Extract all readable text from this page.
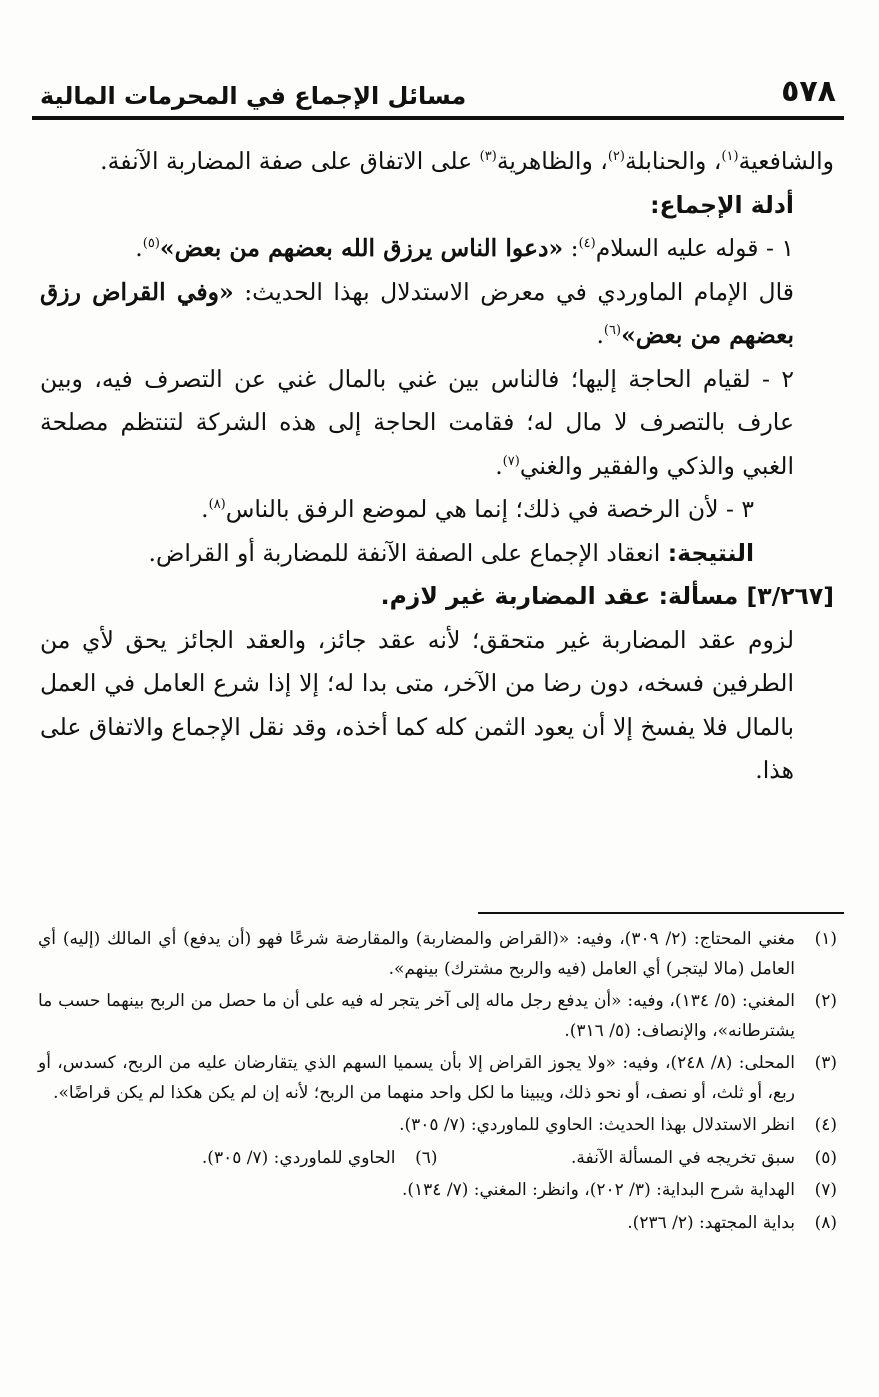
٥٧٨
مسائل الإجماع في المحرمات المالية

والشافعية$^{(١)}$، والحنابلة$^{(٢)}$، والظاهرية$^{(٣)}$ على الاتفاق على صفة المضاربة الآنفة.

أدلة الإجماع:

١ - قوله عليه السلام$^{(٤)}$: «دعوا الناس يرزق الله بعضهم من بعض»$^{(٥)}$.

قال الإمام الماوردي في معرض الاستدلال بهذا الحديث: «وفي القراض رزق بعضهم من بعض»$^{(٦)}$.

٢ - لقيام الحاجة إليها؛ فالناس بين غني بالمال غني عن التصرف فيه، وبين عارف بالتصرف لا مال له؛ فقامت الحاجة إلى هذه الشركة لتنتظم مصلحة الغبي والذكي والفقير والغني$^{(٧)}$.

٣ - لأن الرخصة في ذلك؛ إنما هي لموضع الرفق بالناس$^{(٨)}$.

النتيجة: انعقاد الإجماع على الصفة الآنفة للمضاربة أو القراض.

[٣/٢٦٧] مسألة: عقد المضاربة غير لازم.

لزوم عقد المضاربة غير متحقق؛ لأنه عقد جائز، والعقد الجائز يحق لأي من الطرفين فسخه، دون رضا من الآخر، متى بدا له؛ إلا إذا شرع العامل في العمل بالمال فلا يفسخ إلا أن يعود الثمن كله كما أخذه، وقد نقل الإجماع والاتفاق على هذا.

(١)
مغني المحتاج: (٢/ ٣٠٩)، وفيه: «(القراض والمضاربة) والمقارضة شرعًا فهو (أن يدفع) أي المالك (إليه) أي العامل (مالا ليتجر) أي العامل (فيه والربح مشترك) بينهم».
(٢)
المغني: (٥/ ١٣٤)، وفيه: «أن يدفع رجل ماله إلى آخر يتجر له فيه على أن ما حصل من الربح بينهما حسب ما يشترطانه»، والإنصاف: (٥/ ٣١٦).
(٣)
المحلى: (٨/ ٢٤٨)، وفيه: «ولا يجوز القراض إلا بأن يسميا السهم الذي يتقارضان عليه من الربح، كسدس، أو ربع، أو ثلث، أو نصف، أو نحو ذلك، ويبينا ما لكل واحد منهما من الربح؛ لأنه إن لم يكن هكذا لم يكن قراضًا».
(٤)
انظر الاستدلال بهذا الحديث: الحاوي للماوردي: (٧/ ٣٠٥).
(٥)
سبق تخريجه في المسألة الآنفة.
(٦)
الحاوي للماوردي: (٧/ ٣٠٥).
(٧)
الهداية شرح البداية: (٣/ ٢٠٢)، وانظر: المغني: (٧/ ١٣٤).
(٨)
بداية المجتهد: (٢/ ٢٣٦).
